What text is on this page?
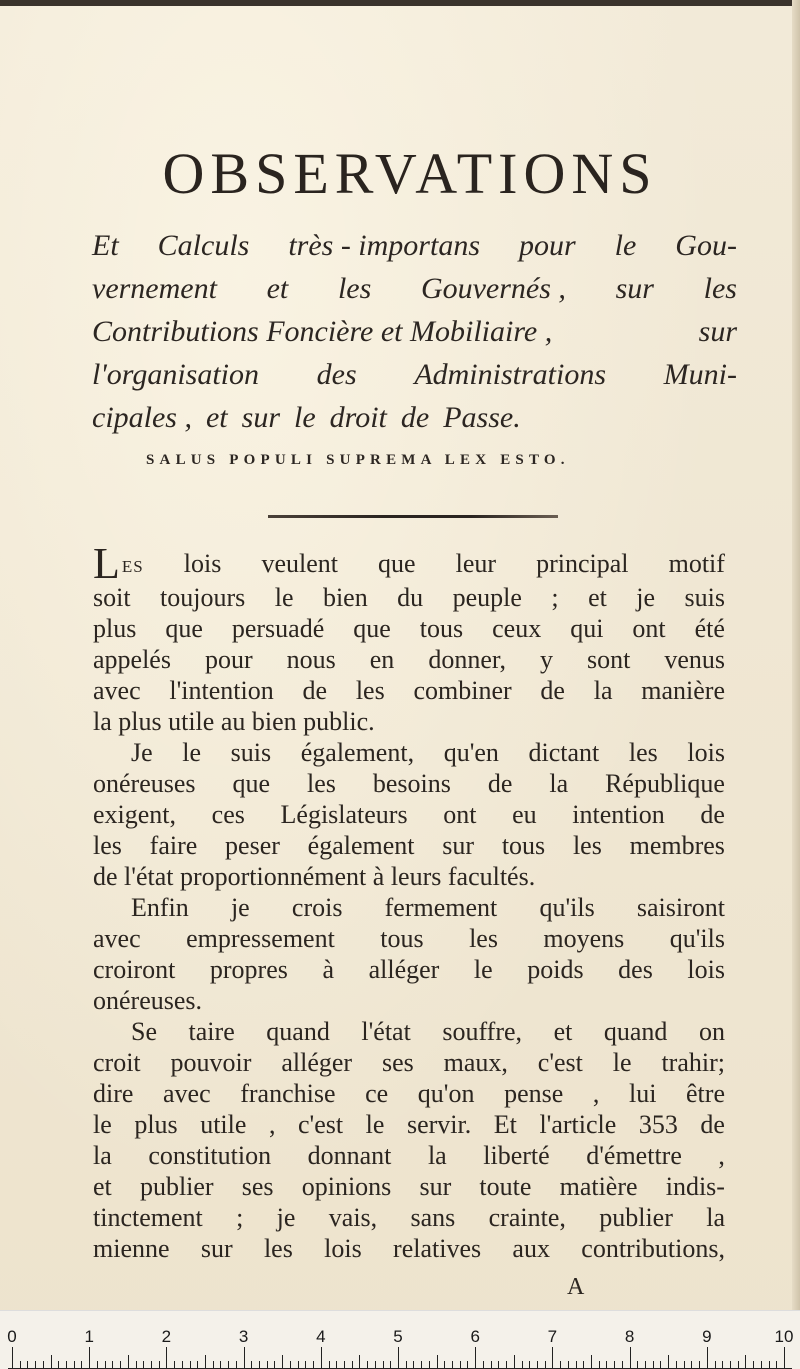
OBSERVATIONS
Et Calculs très - importans pour le Gou-
vernement et les Gouvernés , sur les
Contributions Foncière et Mobiliaire ,	sur
l'organisation des Administrations Muni-
cipales , et sur le droit de Passe.
SALUS POPULI SUPREMA LEX ESTO.
LES lois veulent que leur principal motif
soit toujours le bien du peuple ; et je suis
plus que persuadé que tous ceux qui ont été
appelés pour nous en donner, y sont venus
avec l'intention de les combiner de la manière
la plus utile au bien public.
Je le suis également, qu'en dictant les lois
onéreuses que les besoins de la République
exigent, ces Législateurs ont eu intention de
les faire peser également sur tous les membres
de l'état proportionnément à leurs facultés.
Enfin je crois fermement qu'ils saisiront
avec empressement tous les moyens qu'ils
croiront propres à alléger le poids des lois
onéreuses.
Se taire quand l'état souffre, et quand on
croit pouvoir alléger ses maux, c'est le trahir;
dire avec franchise ce qu'on pense , lui être
le plus utile , c'est le servir. Et l'article 353 de
la constitution donnant la liberté d'émettre ,
et publier ses opinions sur toute matière indis-
tinctement ; je vais, sans crainte, publier la
mienne sur les lois relatives aux contributions,
A
0	1	2	3	4	5	6	7	8	9	10
